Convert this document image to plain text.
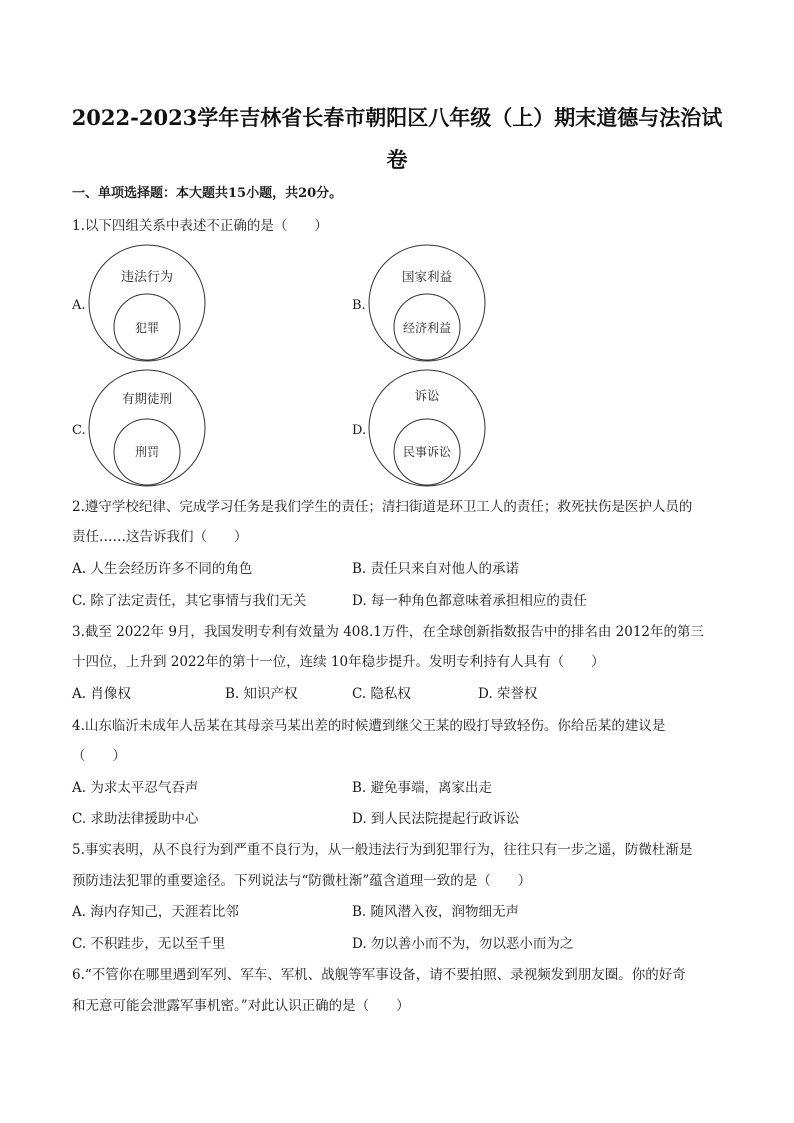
2022-2023学年吉林省长春市朝阳区八年级（上）期末道德与法治试
卷
一、单项选择题：本大题共15小题，共20分。
1.以下四组关系中表述不正确的是（　　）
A.	B.
C.	D.
违法行为
犯罪
国家利益
经济利益
有期徒刑
刑罚
诉讼
民事诉讼
2.遵守学校纪律、完成学习任务是我们学生的责任；清扫街道是环卫工人的责任；救死扶伤是医护人员的
责任……这告诉我们（　　）
A. 人生会经历许多不同的角色	B. 责任只来自对他人的承诺
C. 除了法定责任，其它事情与我们无关	D. 每一种角色都意味着承担相应的责任
3.截至 2022年 9月，我国发明专利有效量为 408.1万件，在全球创新指数报告中的排名由 2012年的第三
十四位，上升到 2022年的第十一位，连续 10年稳步提升。发明专利持有人具有（　　）
A. 肖像权	B. 知识产权	C. 隐私权	D. 荣誉权
4.山东临沂未成年人岳某在其母亲马某出差的时候遭到继父王某的殴打导致轻伤。你给岳某的建议是
（　　）
A. 为求太平忍气吞声	B. 避免事端，离家出走
C. 求助法律援助中心	D. 到人民法院提起行政诉讼
5.事实表明，从不良行为到严重不良行为，从一般违法行为到犯罪行为，往往只有一步之遥，防微杜渐是
预防违法犯罪的重要途径。下列说法与“防微杜渐”蕴含道理一致的是（　　）
A. 海内存知己，天涯若比邻	B. 随风潜入夜，润物细无声
C. 不积跬步，无以至千里	D. 勿以善小而不为，勿以恶小而为之
6.“不管你在哪里遇到军列、军车、军机、战舰等军事设备，请不要拍照、录视频发到朋友圈。你的好奇
和无意可能会泄露军事机密。”对此认识正确的是（　　）
